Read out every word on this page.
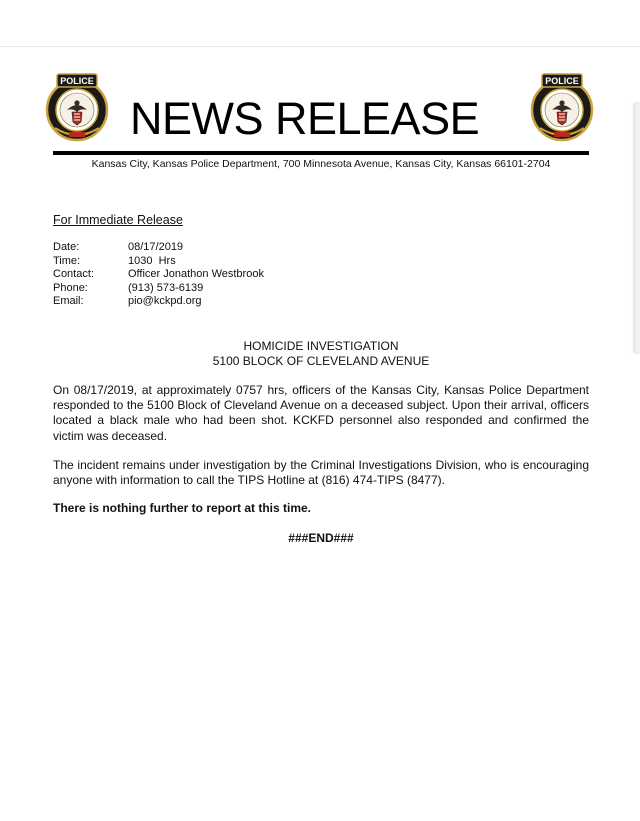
POLICE	POLICE
NEWS RELEASE
Kansas City, Kansas Police Department, 700 Minnesota Avenue, Kansas City, Kansas 66101-2704
For Immediate Release
Date:	08/17/2019
Time:	1030  Hrs
Contact:	Officer Jonathon Westbrook
Phone:	(913) 573-6139
Email:	pio@kckpd.org
HOMICIDE INVESTIGATION
5100 BLOCK OF CLEVELAND AVENUE

On 08/17/2019, at approximately 0757 hrs, officers of the Kansas City, Kansas Police Department responded to the 5100 Block of Cleveland Avenue on a deceased subject. Upon their arrival, officers located a black male who had been shot. KCKFD personnel also responded and confirmed the victim was deceased.

The incident remains under investigation by the Criminal Investigations Division, who is encouraging anyone with information to call the TIPS Hotline at (816) 474-TIPS (8477).

There is nothing further to report at this time.
###END###
